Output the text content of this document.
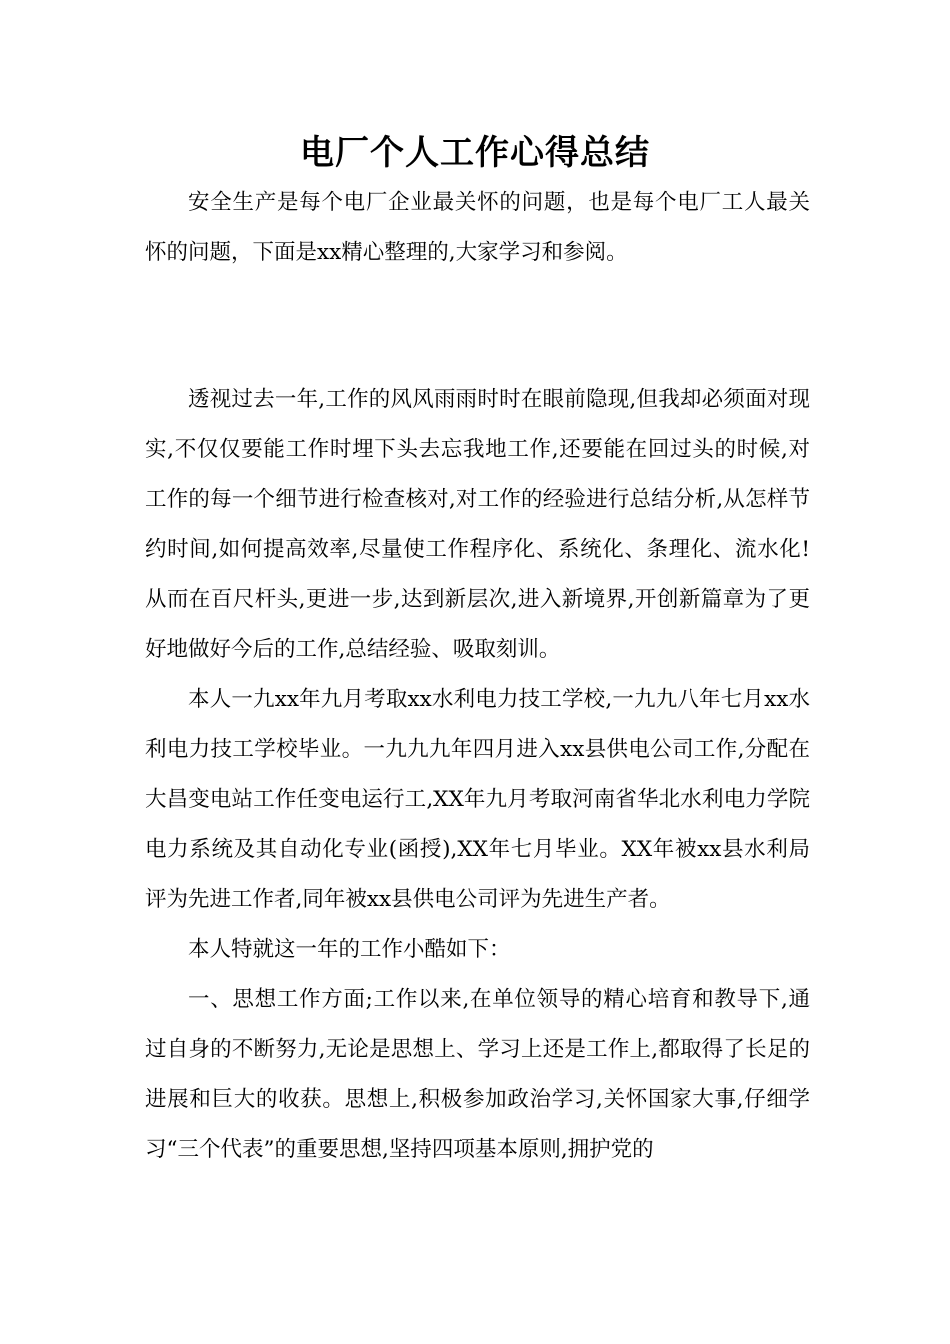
电厂个人工作心得总结

安全生产是每个电厂企业最关怀的问题，也是每个电厂工人最关怀的问题，下面是xx精心整理的,大家学习和参阅。

透视过去一年,工作的风风雨雨时时在眼前隐现,但我却必须面对现实,不仅仅要能工作时埋下头去忘我地工作,还要能在回过头的时候,对工作的每一个细节进行检查核对,对工作的经验进行总结分析,从怎样节约时间,如何提高效率,尽量使工作程序化、系统化、条理化、流水化!从而在百尺杆头,更进一步,达到新层次,进入新境界,开创新篇章为了更好地做好今后的工作,总结经验、吸取刻训。

本人一九xx年九月考取xx水利电力技工学校,一九九八年七月xx水利电力技工学校毕业。一九九九年四月进入xx县供电公司工作,分配在大昌变电站工作任变电运行工,XX年九月考取河南省华北水利电力学院电力系统及其自动化专业(函授),XX年七月毕业。XX年被xx县水利局评为先进工作者,同年被xx县供电公司评为先进生产者。

本人特就这一年的工作小酷如下：

一、思想工作方面;工作以来,在单位领导的精心培育和教导下,通过自身的不断努力,无论是思想上、学习上还是工作上,都取得了长足的进展和巨大的收获。思想上,积极参加政治学习,关怀国家大事,仔细学习“三个代表”的重要思想,坚持四项基本原则,拥护党的
